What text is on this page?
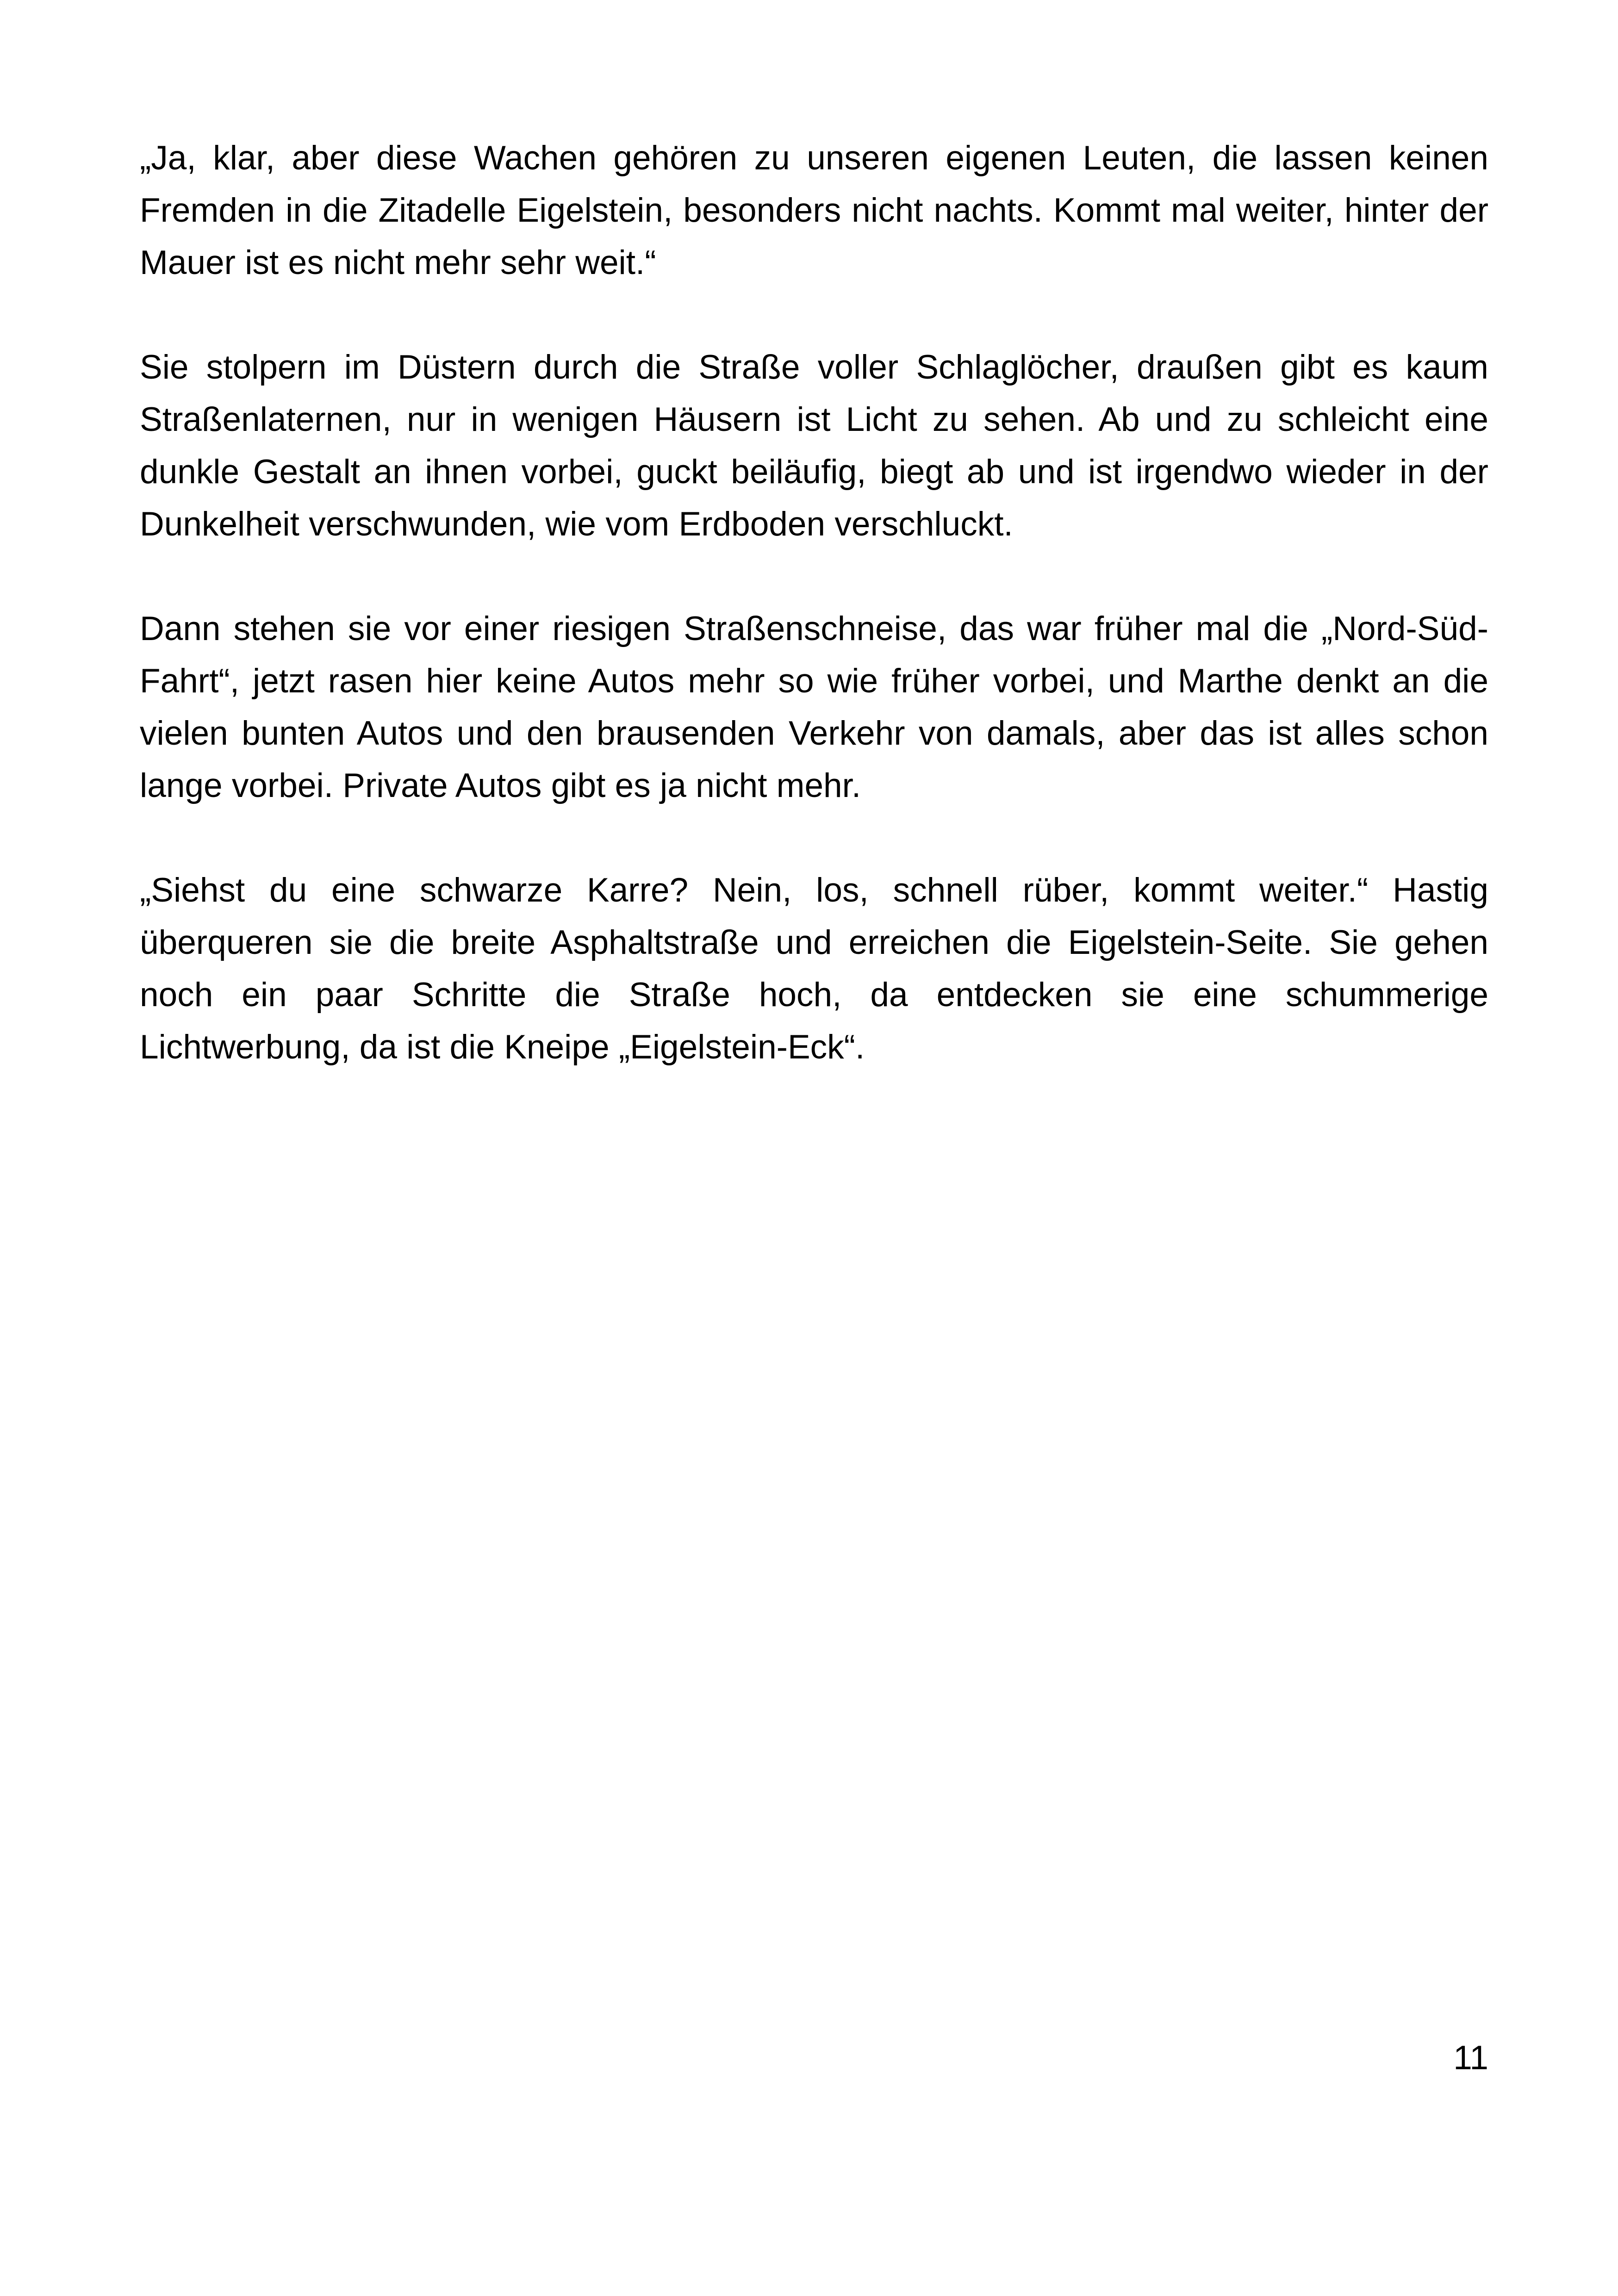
„Ja, klar, aber diese Wachen gehören zu unseren eigenen Leuten, die lassen keinen Fremden in die Zitadelle Eigelstein, besonders nicht nachts. Kommt mal weiter, hinter der Mauer ist es nicht mehr sehr weit.“

Sie stolpern im Düstern durch die Straße voller Schlaglöcher, draußen gibt es kaum Straßenlaternen, nur in wenigen Häusern ist Licht zu sehen. Ab und zu schleicht eine dunkle Gestalt an ihnen vorbei, guckt beiläufig, biegt ab und ist irgendwo wieder in der Dunkelheit verschwunden, wie vom Erdboden verschluckt.

Dann stehen sie vor einer riesigen Straßenschneise, das war früher mal die „Nord-Süd-Fahrt“, jetzt rasen hier keine Autos mehr so wie früher vorbei, und Marthe denkt an die vielen bunten Autos und den brausenden Verkehr von damals, aber das ist alles schon lange vorbei. Private Autos gibt es ja nicht mehr.

„Siehst du eine schwarze Karre? Nein, los, schnell rüber, kommt weiter.“ Hastig überqueren sie die breite Asphaltstraße und erreichen die Eigelstein-Seite. Sie gehen noch ein paar Schritte die Straße hoch, da entdecken sie eine schummerige Lichtwerbung, da ist die Kneipe „Eigelstein-Eck“.

11
